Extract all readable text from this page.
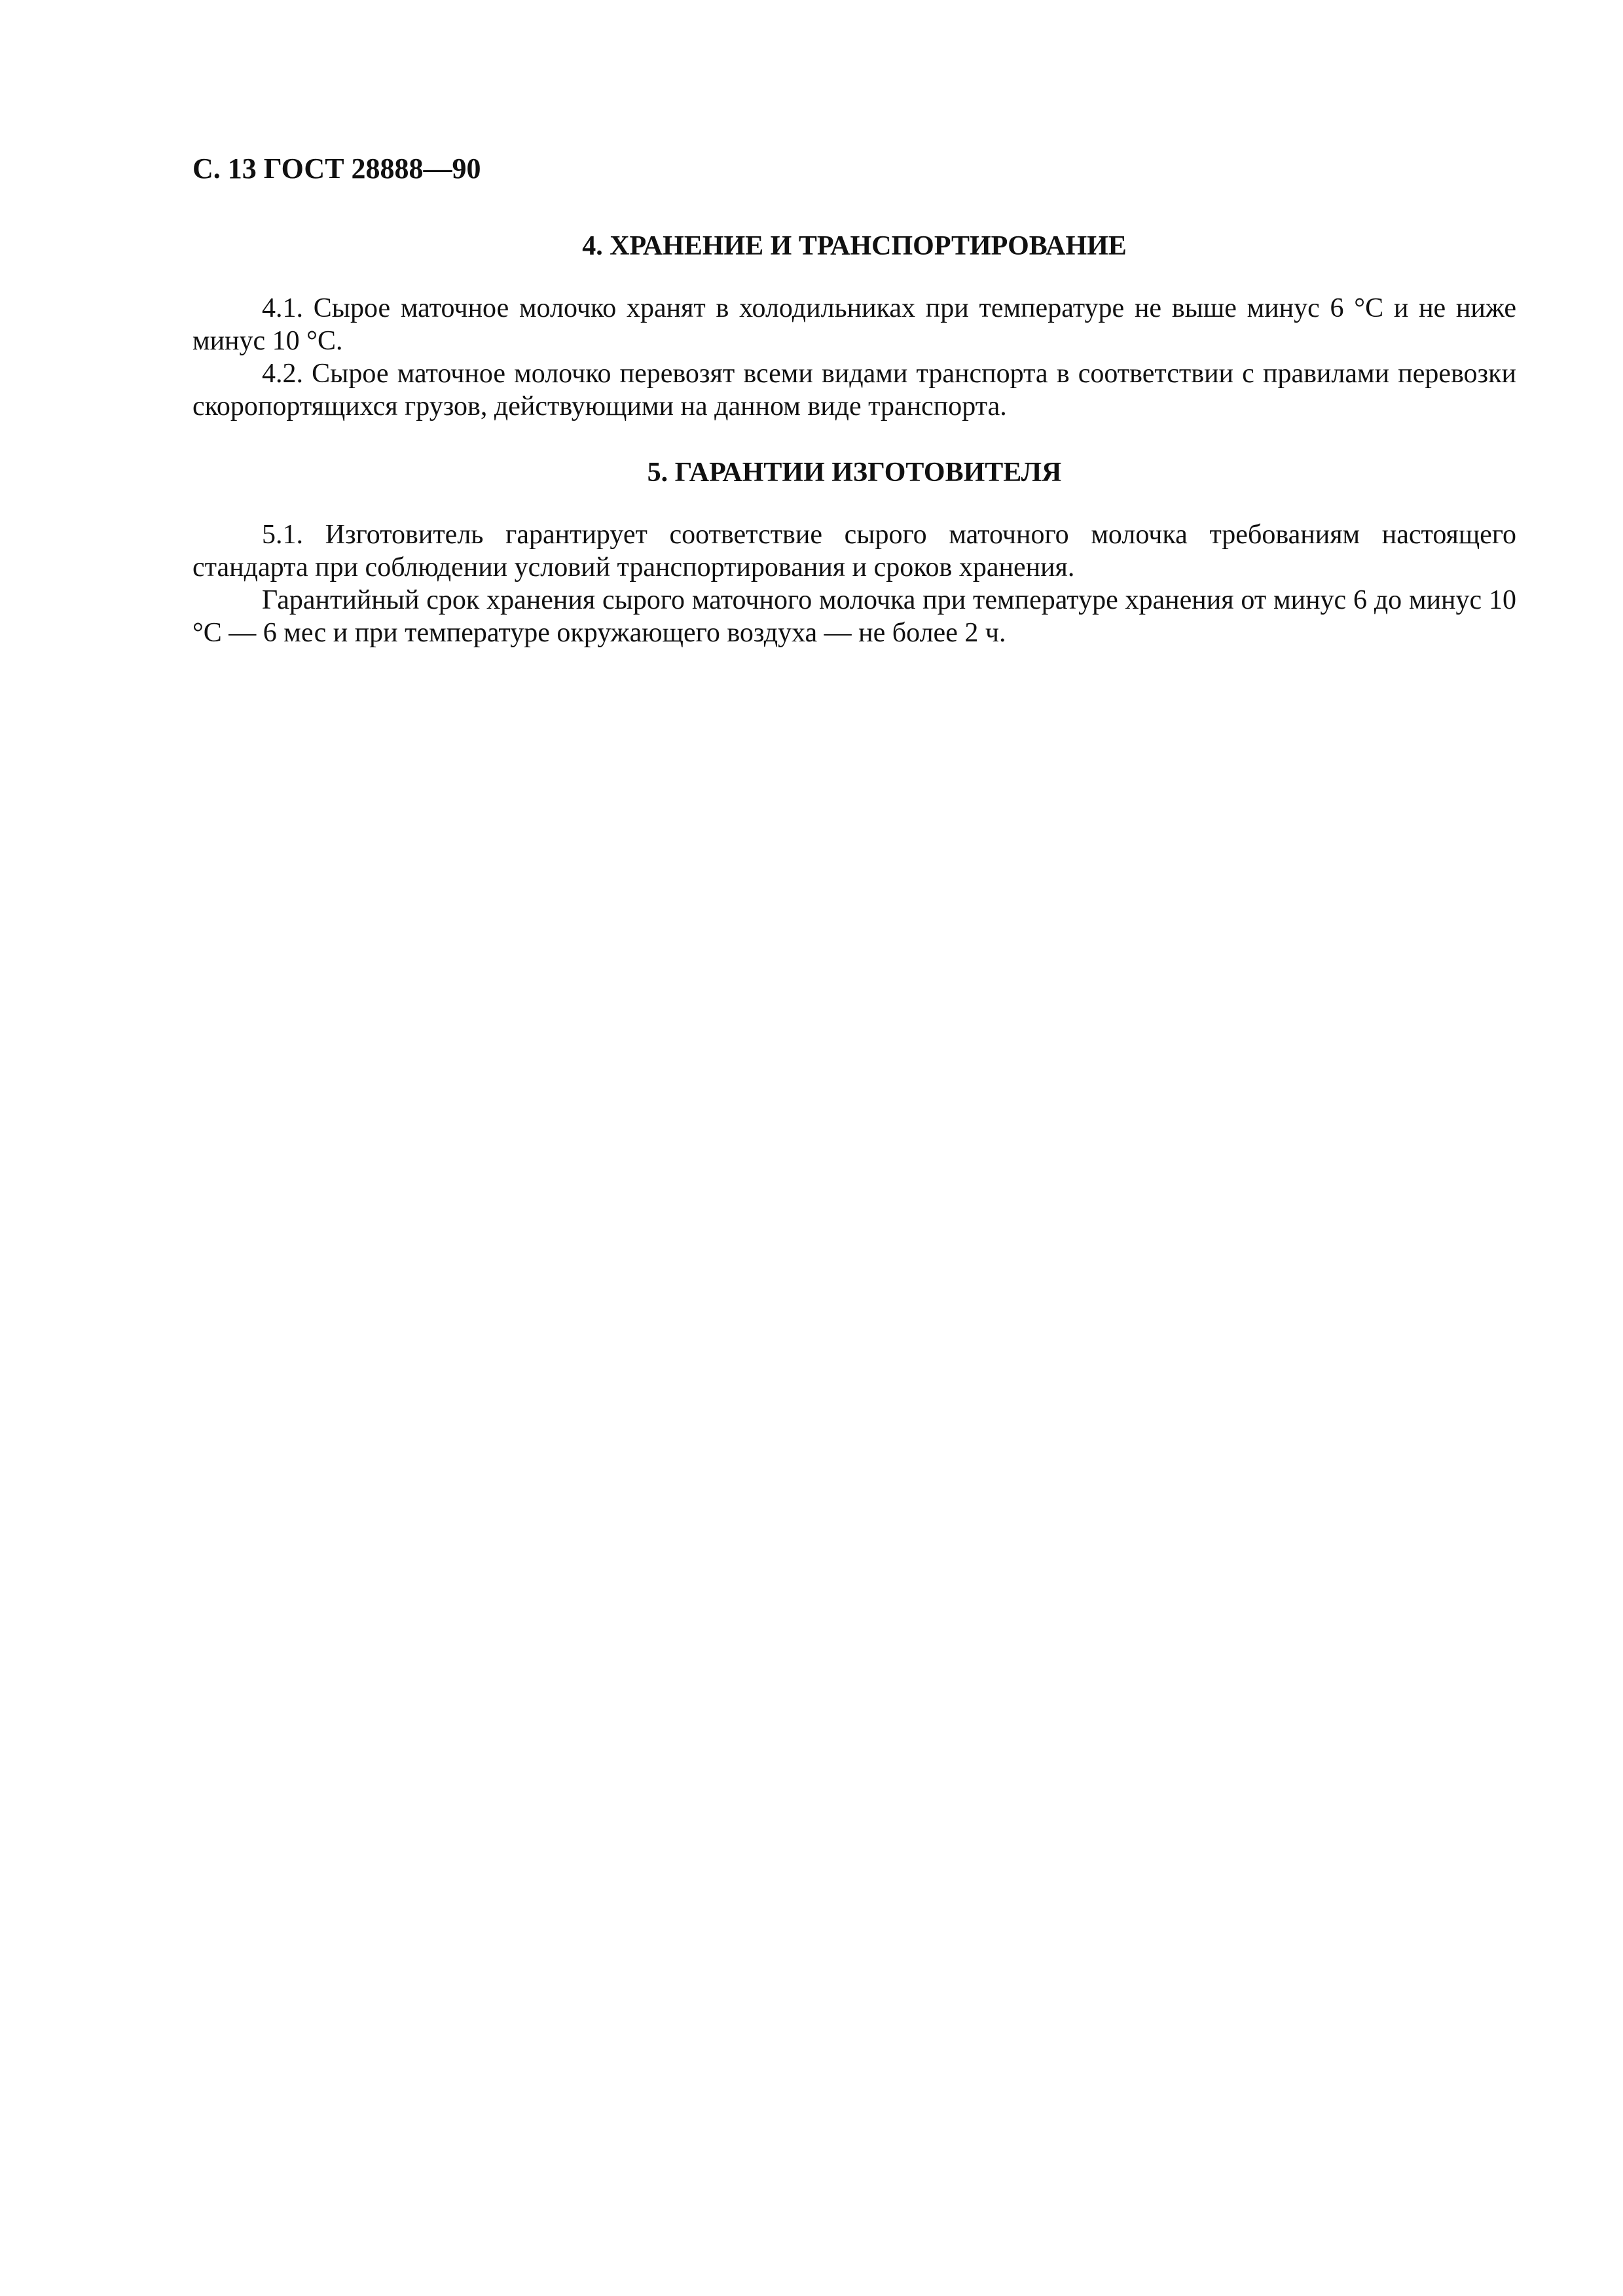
С. 13 ГОСТ 28888—90
4. ХРАНЕНИЕ И ТРАНСПОРТИРОВАНИЕ

4.1. Сырое маточное молочко хранят в холодильниках при температуре не выше минус 6 °С и не ниже минус 10 °С.

4.2. Сырое маточное молочко перевозят всеми видами транспорта в соответствии с правилами перевозки скоропортящихся грузов, действующими на данном виде транспорта.

5. ГАРАНТИИ ИЗГОТОВИТЕЛЯ

5.1. Изготовитель гарантирует соответствие сырого маточного молочка требованиям настоящего стандарта при соблюдении условий транспортирования и сроков хранения.

Гарантийный срок хранения сырого маточного молочка при температуре хранения от минус 6 до минус 10 °С — 6 мес и при температуре окружающего воздуха — не более 2 ч.
